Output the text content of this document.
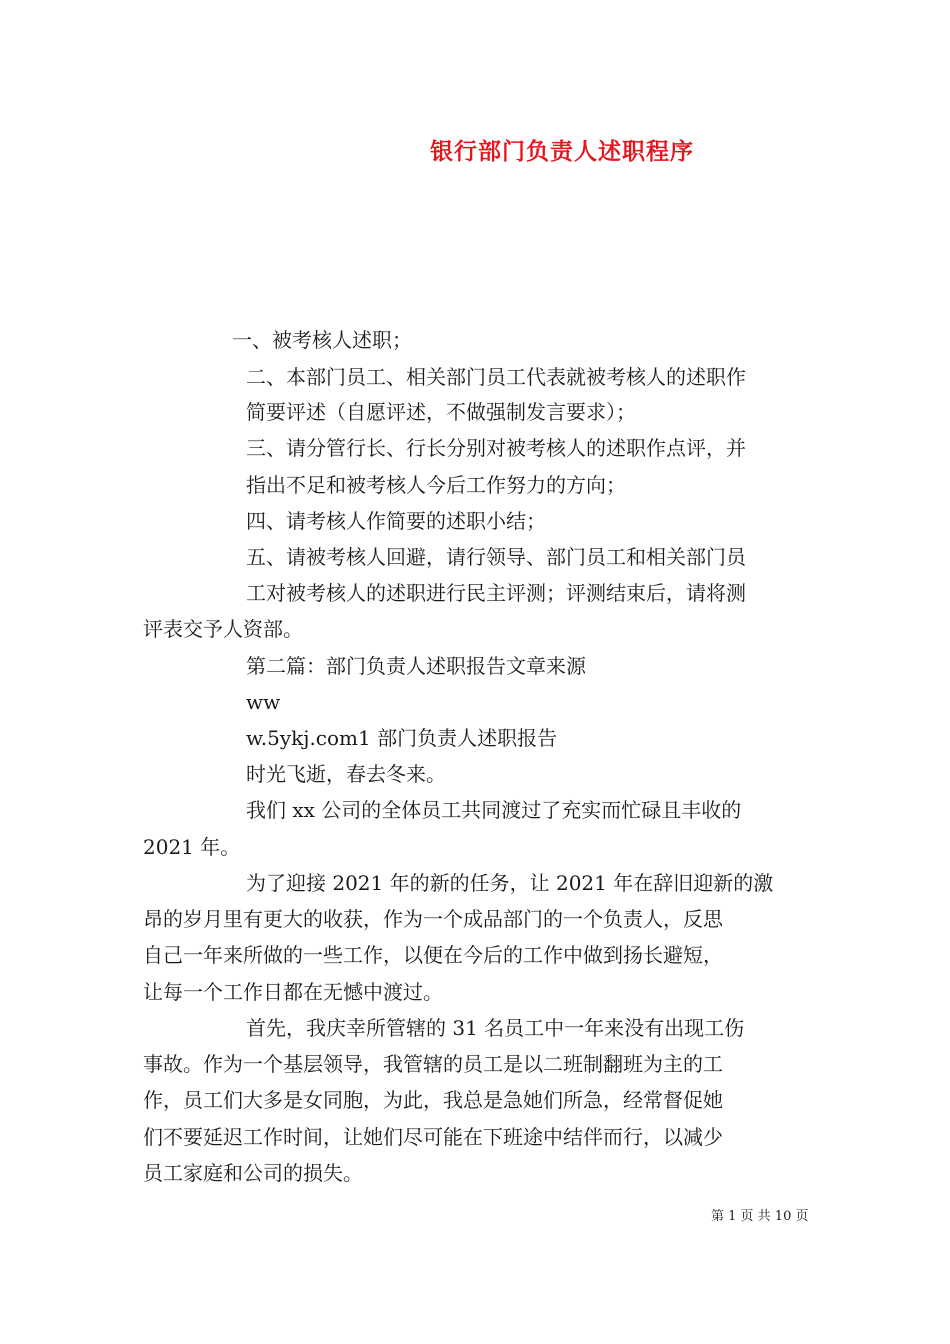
银行部门负责人述职程序
一、被考核人述职；
二、本部门员工、相关部门员工代表就被考核人的述职作
简要评述（自愿评述，不做强制发言要求）；
三、请分管行长、行长分别对被考核人的述职作点评，并
指出不足和被考核人今后工作努力的方向；
四、请考核人作简要的述职小结；
五、请被考核人回避，请行领导、部门员工和相关部门员
工对被考核人的述职进行民主评测；评测结束后，请将测
评表交予人资部。
第二篇：部门负责人述职报告文章来源
ww
w.5ykj.com1 部门负责人述职报告
时光飞逝，春去冬来。
我们 xx 公司的全体员工共同渡过了充实而忙碌且丰收的
2021 年。
为了迎接 2021 年的新的任务，让 2021 年在辞旧迎新的激
昂的岁月里有更大的收获，作为一个成品部门的一个负责人，反思
自己一年来所做的一些工作，以便在今后的工作中做到扬长避短，
让每一个工作日都在无憾中渡过。
首先，我庆幸所管辖的 31 名员工中一年来没有出现工伤
事故。作为一个基层领导，我管辖的员工是以二班制翻班为主的工
作，员工们大多是女同胞，为此，我总是急她们所急，经常督促她
们不要延迟工作时间，让她们尽可能在下班途中结伴而行，以减少
员工家庭和公司的损失。
第 1 页 共 10 页
